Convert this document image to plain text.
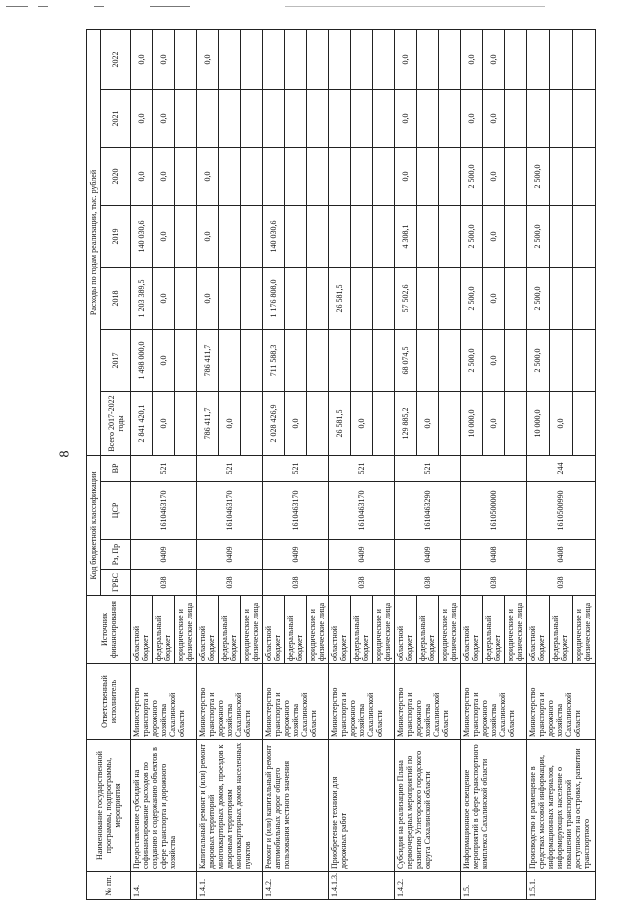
8
№ пп.	Наименование государственной программы, подпрограммы, мероприятия	Ответственный исполнитель	Источник финансирования	Код бюджетной классификации				Расходы по годам реализации, тыс. рублей						
				ГРБС	Рз, Пр	ЦСР	ВР	Всего 2017-2022 годы	2017	2018	2019	2020	2021	2022
1.4.	Предоставление субсидий на софинансирование расходов по созданию и содержанию объектов в сфере транспорта и дорожного хозяйства	Министерство транспорта и дорожного хозяйства Сахалинской области	областной бюджет	038	0409	1610463170	521	2 841 420,1	1 498 000,0	1 203 389,5	140 030,6	0,0	0,0	0,0
			федеральный бюджет					0,0	0,0	0,0	0,0	0,0	0,0	0,0
			юридические и физические лица											
1.4.1.	Капитальный ремонт и (или) ремонт дворовых территорий многоквартирных домов, проездов к дворовым территориям многоквартирных домов населенных пунктов	Министерство транспорта и дорожного хозяйства Сахалинской области	областной бюджет	038	0409	1610463170	521	786 411,7	786 411,7	0,0	0,0	0,0		0,0
			федеральный бюджет					0,0						
			юридические и физические лица											
1.4.2.	Ремонт и (или) капитальный ремонт автомобильных дорог общего пользования местного значения	Министерство транспорта и дорожного хозяйства Сахалинской области	областной бюджет	038	0409	1610463170	521	2 028 426,9	711 588,3	1 176 808,0	140 030,6			
			федеральный бюджет					0,0						
			юридические и физические лица											
1.4.1.3.	Приобретение техники для дорожных работ	Министерство транспорта и дорожного хозяйства Сахалинской области	областной бюджет	038	0409	1610463170	521	26 581,5		26 581,5				
			федеральный бюджет					0,0						
			юридические и физические лица											
1.4.2.	Субсидия на реализацию Плана первоочередных мероприятий по развитию Углегорского городского округа Сахалинской области	Министерство транспорта и дорожного хозяйства Сахалинской области	областной бюджет	038	0409	1610463290	521	129 885,2	68 074,5	57 502,6	4 308,1	0,0	0,0	0,0
			федеральный бюджет					0,0						
			юридические и физические лица											
1.5.	Информационное освещение мероприятий в сфере транспортного комплекса Сахалинской области	Министерство транспорта и дорожного хозяйства Сахалинской области	областной бюджет	038	0408	1610500000		10 000,0	2 500,0	2 500,0	2 500,0	2 500,0	0,0	0,0
			федеральный бюджет					0,0	0,0	0,0	0,0	0,0	0,0	0,0
			юридические и физические лица											
1.5.1.	Производство и размещение в средствах массовой информации, информационных материалов, информирующих население о повышении транспортной доступности на островах, развитии транспортного	Министерство транспорта и дорожного хозяйства Сахалинской области	областной бюджет	038	0408	1610500990	244	10 000,0	2 500,0	2 500,0	2 500,0	2 500,0		
			федеральный бюджет					0,0						
			юридические и физические лица											
